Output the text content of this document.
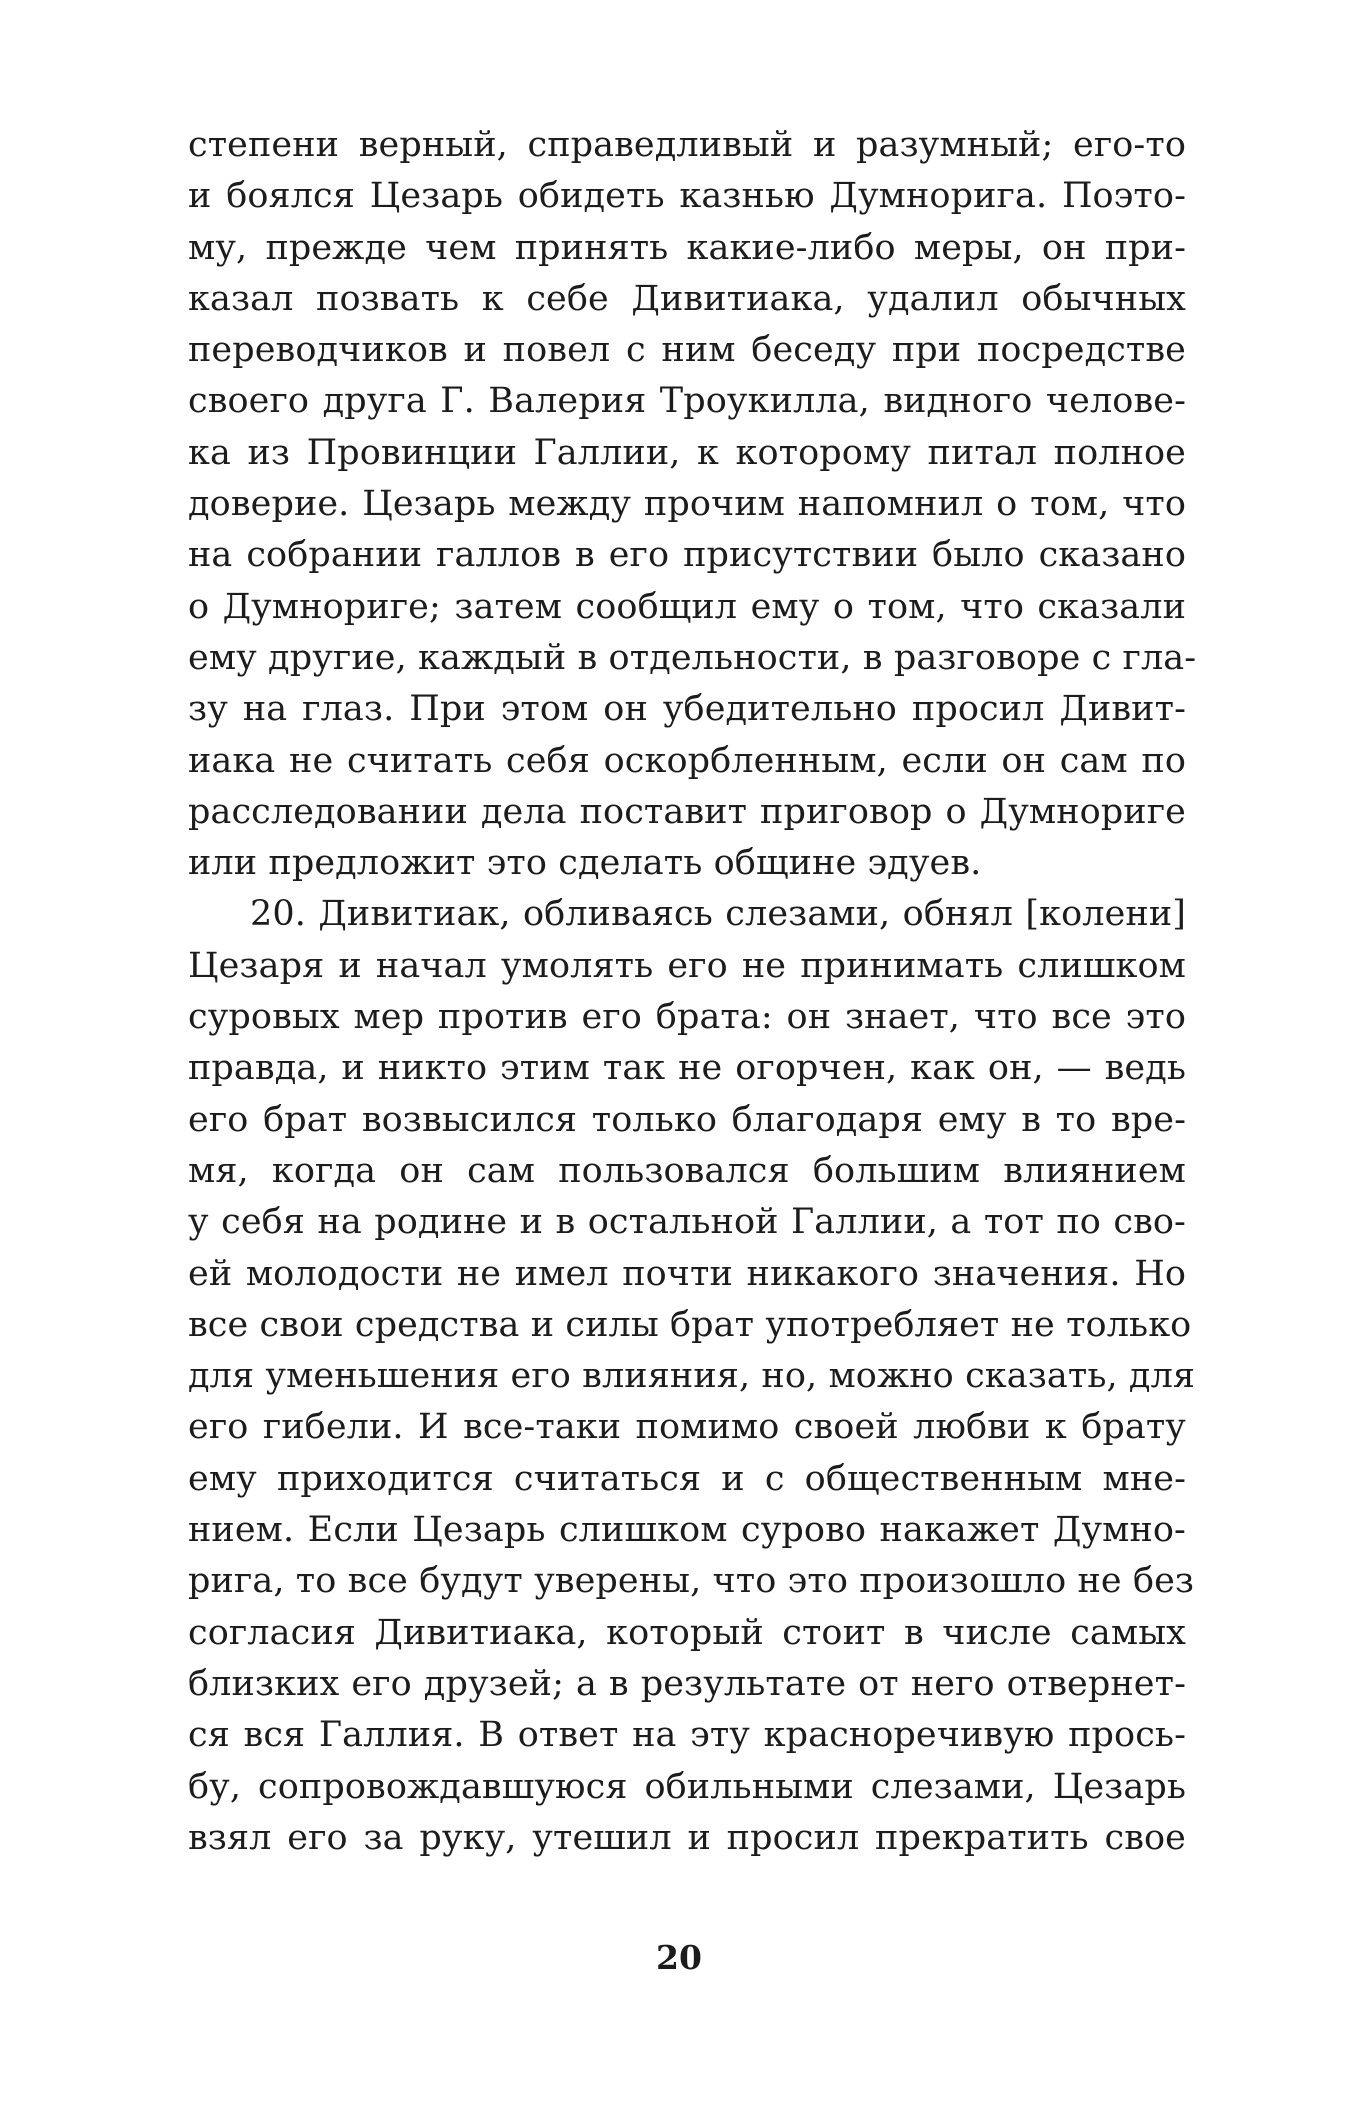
степени верный, справедливый и разумный; его-то
и боялся Цезарь обидеть казнью Думнорига. Поэто-
му, прежде чем принять какие-либо меры, он при-
казал позвать к себе Дивитиака, удалил обычных
переводчиков и повел с ним беседу при посредстве
своего друга Г. Валерия Троукилла, видного челове-
ка из Провинции Галлии, к которому питал полное
доверие. Цезарь между прочим напомнил о том, что
на собрании галлов в его присутствии было сказано
о Думнориге; затем сообщил ему о том, что сказали
ему другие, каждый в отдельности, в разговоре с гла-
зу на глаз. При этом он убедительно просил Дивит-
иака не считать себя оскорбленным, если он сам по
расследовании дела поставит приговор о Думнориге
или предложит это сделать общине эдуев.
20. Дивитиак, обливаясь слезами, обнял [колени]
Цезаря и начал умолять его не принимать слишком
суровых мер против его брата: он знает, что все это
правда, и никто этим так не огорчен, как он, — ведь
его брат возвысился только благодаря ему в то вре-
мя, когда он сам пользовался большим влиянием
у себя на родине и в остальной Галлии, а тот по сво-
ей молодости не имел почти никакого значения. Но
все свои средства и силы брат употребляет не только
для уменьшения его влияния, но, можно сказать, для
его гибели. И все-таки помимо своей любви к брату
ему приходится считаться и с общественным мне-
нием. Если Цезарь слишком сурово накажет Думно-
рига, то все будут уверены, что это произошло не без
согласия Дивитиака, который стоит в числе самых
близких его друзей; а в результате от него отвернет-
ся вся Галлия. В ответ на эту красноречивую прось-
бу, сопровождавшуюся обильными слезами, Цезарь
взял его за руку, утешил и просил прекратить свое
20
